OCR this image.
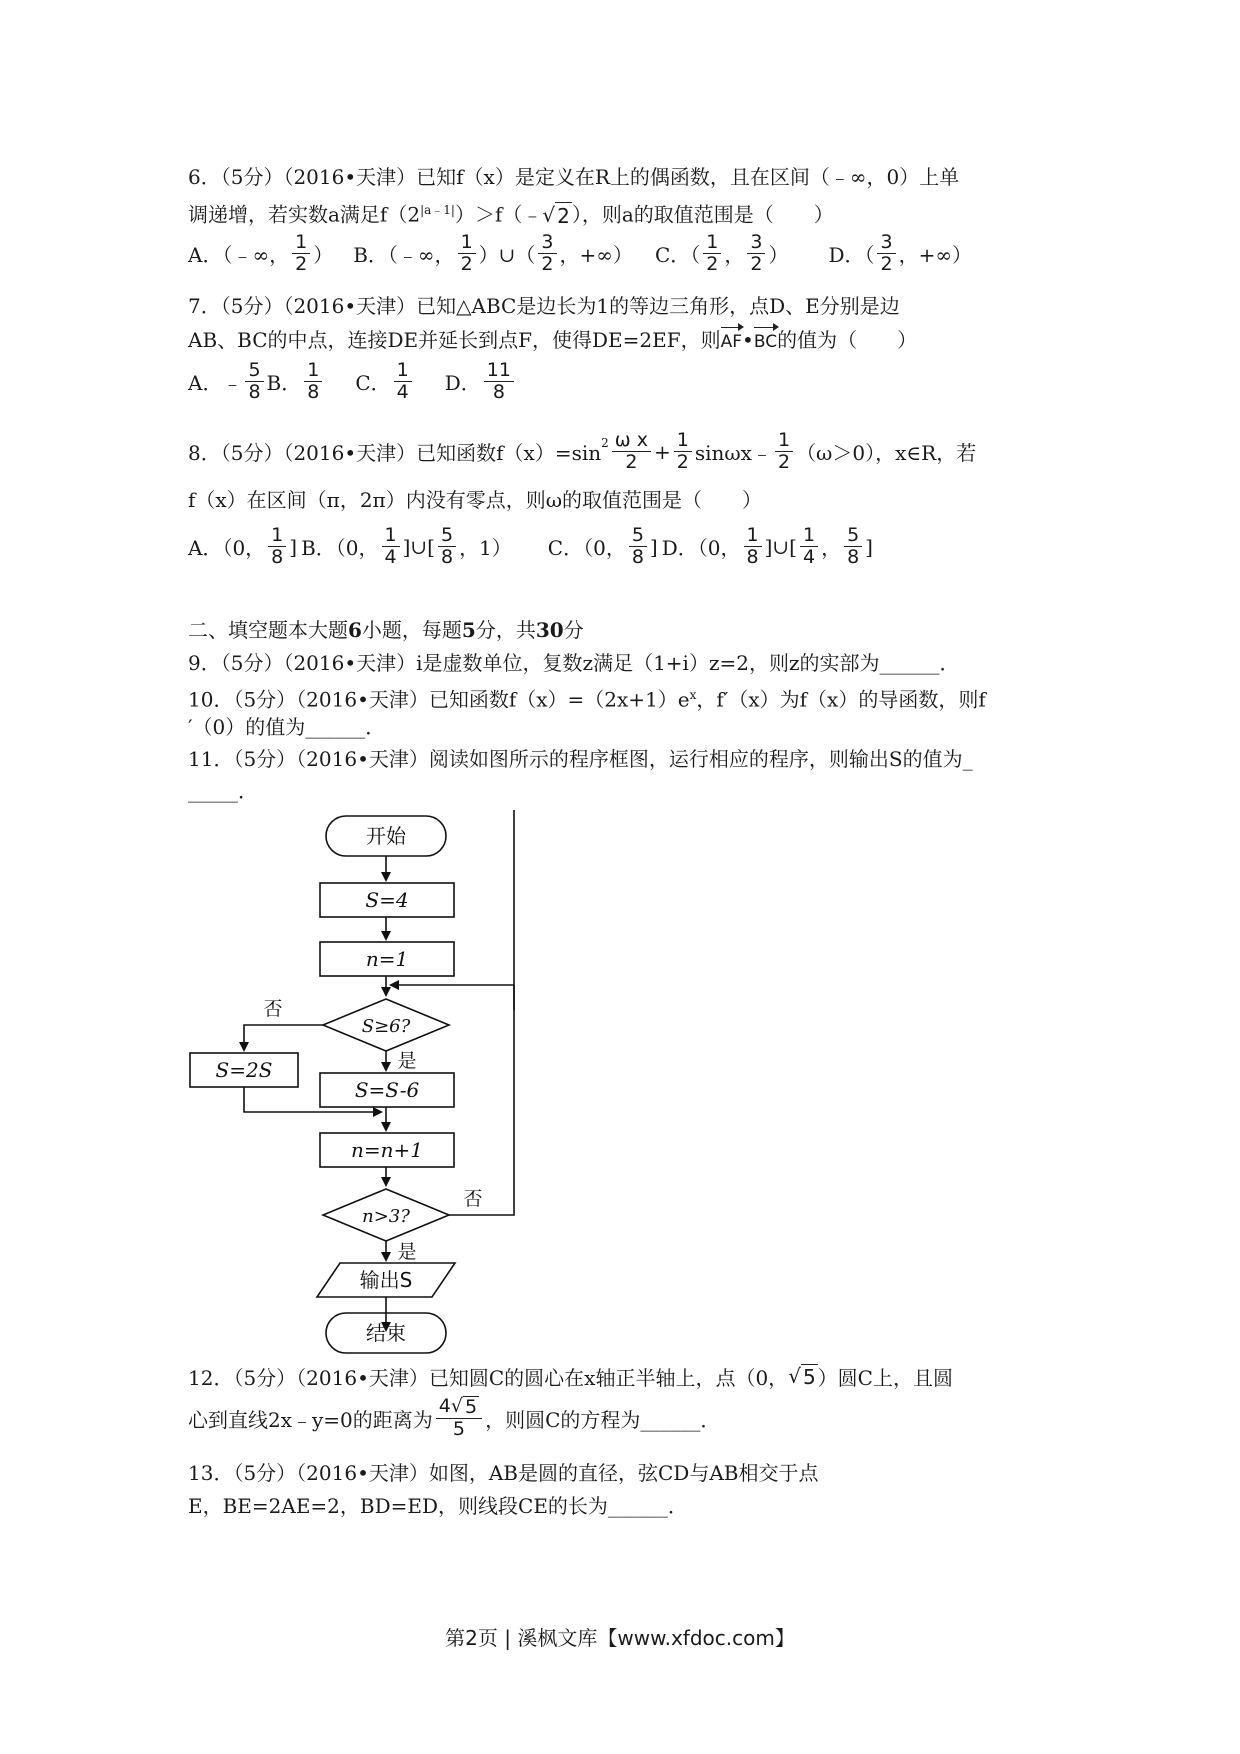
6．（5分）（2016•天津）已知f（x）是定义在R上的偶函数，且在区间（﹣∞，0）上单
调递增，若实数a满足$f(2^{|a﹣1|})>f(﹣$ √ 2 ），则a的取值范围是（　　）
A．（﹣∞， $\frac{1}{2}$ ） B．（﹣∞， $\frac{1}{2}$ ）∪（ $\frac{3}{2}$ ，+∞） C．（ $\frac{1}{2}$ ， $\frac{3}{2}$ ） D．（ $\frac{3}{2}$ ，+∞）
7．（5分）（2016•天津）已知△ABC是边长为1的等边三角形，点D、E分别是边
AB、BC的中点，连接DE并延长到点F，使得DE=2EF，则AF•BC的值为（　　）
A．﹣ $\frac{5}{8}$ B． $\frac{1}{8}$ C． $\frac{1}{4}$ D． $\frac{11}{8}$
8．（5分）（2016•天津）已知函数$f(x)=\sin^2 \frac{\text{ω x}}{2} + \frac{1}{2}$ sinωx﹣ $\frac{1}{2} (\omega>0)$，x∈R，若
f（x）在区间（π，2π）内没有零点，则ω的取值范围是（　　）
A．（0， $\frac{1}{8}$ ] B．（0， $\frac{1}{4}$ ]∪[ $\frac{5}{8}$ ，1） C．（0， $\frac{5}{8}$ ] D．（0， $\frac{1}{8}$ ]∪[ $\frac{1}{4}$ ， $\frac{5}{8}$ ]
二、填空题本大题6小题，每题5分，共30分
9．（5分）（2016•天津）i是虚数单位，复数z满足（1+i）z=2，则z的实部为______．
10．（5分）（2016•天津）已知函数$f(x)=(2x+1)e^x$，f′（x）为f（x）的导函数，则f
′（0）的值为______．
11．（5分）（2016•天津）阅读如图所示的程序框图，运行相应的程序，则输出S的值为_
_____．
开始
S=4
n=1
S≥6?
否
是
S=2S
S=S-6
n=n+1
n>3?
否
是
输出S
结束
12．（5分）（2016•天津）已知圆C的圆心在x轴正半轴上，点（0， √ 5 ）圆C上，且圆
心到直线2x﹣y=0的距离为 $\frac{4 √ 5}{5}$ ，则圆C的方程为______．
13．（5分）（2016•天津）如图，AB是圆的直径，弦CD与AB相交于点
E，BE=2AE=2，BD=ED，则线段CE的长为______．
第2页 | 溪枫文库【www.xfdoc.com】
